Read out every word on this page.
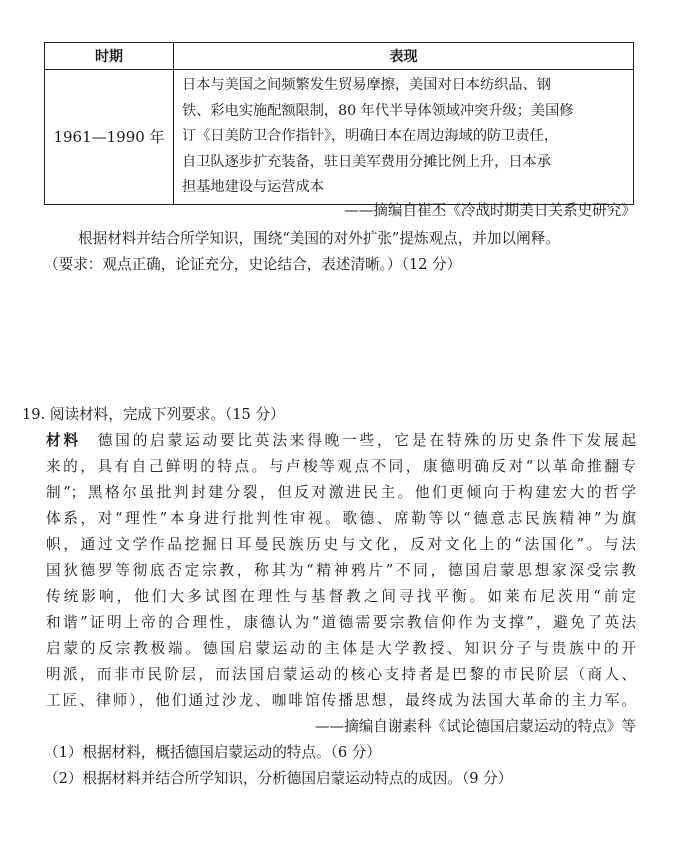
时期	表现
1961—1990 年	日本与美国之间频繁发生贸易摩擦，美国对日本纺织品、钢
铁、彩电实施配额限制，80 年代半导体领域冲突升级；美国修
订《日美防卫合作指针》，明确日本在周边海域的防卫责任，
自卫队逐步扩充装备，驻日美军费用分摊比例上升，日本承
担基地建设与运营成本
——摘编自崔丕《冷战时期美日关系史研究》
根据材料并结合所学知识，围绕“美国的对外扩张”提炼观点，并加以阐释。
（要求：观点正确，论证充分，史论结合，表述清晰。）（12 分）
19. 阅读材料，完成下列要求。（15 分）
材料 德国的启蒙运动要比英法来得晚一些，它是在特殊的历史条件下发展起
来的，具有自己鲜明的特点。与卢梭等观点不同，康德明确反对“以革命推翻专
制”；黑格尔虽批判封建分裂，但反对激进民主。他们更倾向于构建宏大的哲学
体系，对“理性”本身进行批判性审视。歌德、席勒等以“德意志民族精神”为旗
帜，通过文学作品挖掘日耳曼民族历史与文化，反对文化上的“法国化”。与法
国狄德罗等彻底否定宗教，称其为“精神鸦片”不同，德国启蒙思想家深受宗教
传统影响，他们大多试图在理性与基督教之间寻找平衡。如莱布尼茨用“前定
和谐”证明上帝的合理性，康德认为“道德需要宗教信仰作为支撑”，避免了英法
启蒙的反宗教极端。德国启蒙运动的主体是大学教授、知识分子与贵族中的开
明派，而非市民阶层，而法国启蒙运动的核心支持者是巴黎的市民阶层（商人、
工匠、律师），他们通过沙龙、咖啡馆传播思想，最终成为法国大革命的主力军。
——摘编自谢素科《试论德国启蒙运动的特点》等
（1）根据材料，概括德国启蒙运动的特点。（6 分）
（2）根据材料并结合所学知识，分析德国启蒙运动特点的成因。（9 分）
